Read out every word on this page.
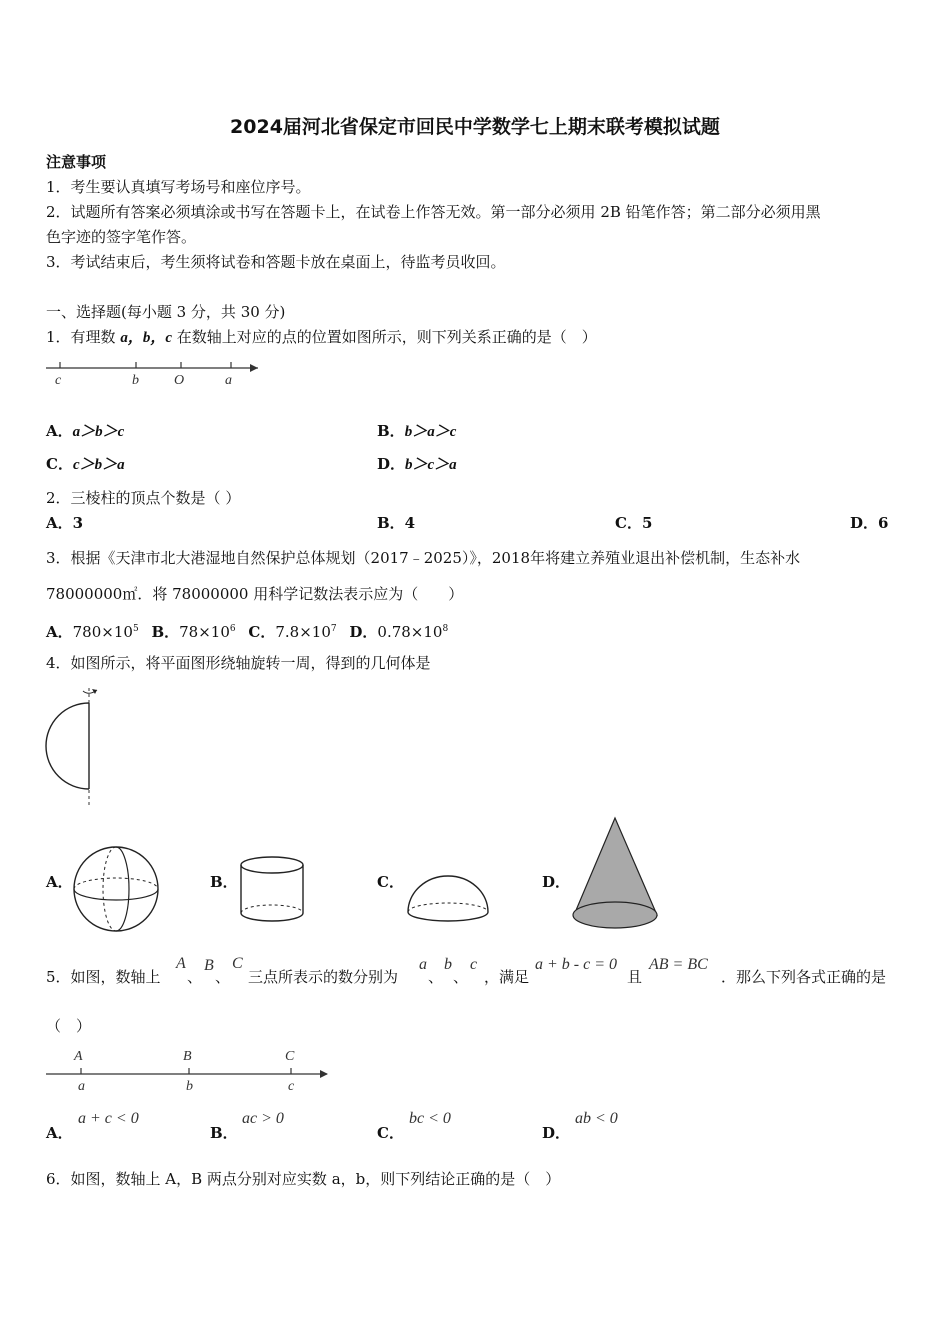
2024届河北省保定市回民中学数学七上期末联考模拟试题
注意事项
1．考生要认真填写考场号和座位序号。
2．试题所有答案必须填涂或书写在答题卡上，在试卷上作答无效。第一部分必须用 2B 铅笔作答；第二部分必须用黑
色字迹的签字笔作答。
3．考试结束后，考生须将试卷和答题卡放在桌面上，待监考员收回。
一、选择题(每小题 3 分，共 30 分)
1．有理数 a，b，c 在数轴上对应的点的位置如图所示，则下列关系正确的是（　）
c	b	O	a
A．a＞b＞c	B．b＞a＞c
C．c＞b＞a	D．b＞c＞a
2．三棱柱的顶点个数是（ ）
A．3	B．4	C．5	D．6
3．根据《天津市北大港湿地自然保护总体规划（2017﹣2025）》，2018年将建立养殖业退出补偿机制，生态补水
78000000㎡．将 78000000 用科学记数法表示应为（　　）
A．$780\times 10^5$ B．$78\times 10^6$ C．$7.8\times 10^7$ D．$0.78\times 10^8$
4．如图所示，将平面图形绕轴旋转一周，得到的几何体是
A．	B．	C．	D．
5．如图，数轴上
A
、
B
、
C
三点所表示的数分别为
a
、
b
、
c
，满足
a + b - c = 0
且
AB = BC
．那么下列各式正确的是
（　）
A	B	C
a	b	c
A．
a + c < 0
B．
ac > 0
C．
bc < 0
D．
ab < 0
6．如图，数轴上 A，B 两点分别对应实数 a，b，则下列结论正确的是（　）
